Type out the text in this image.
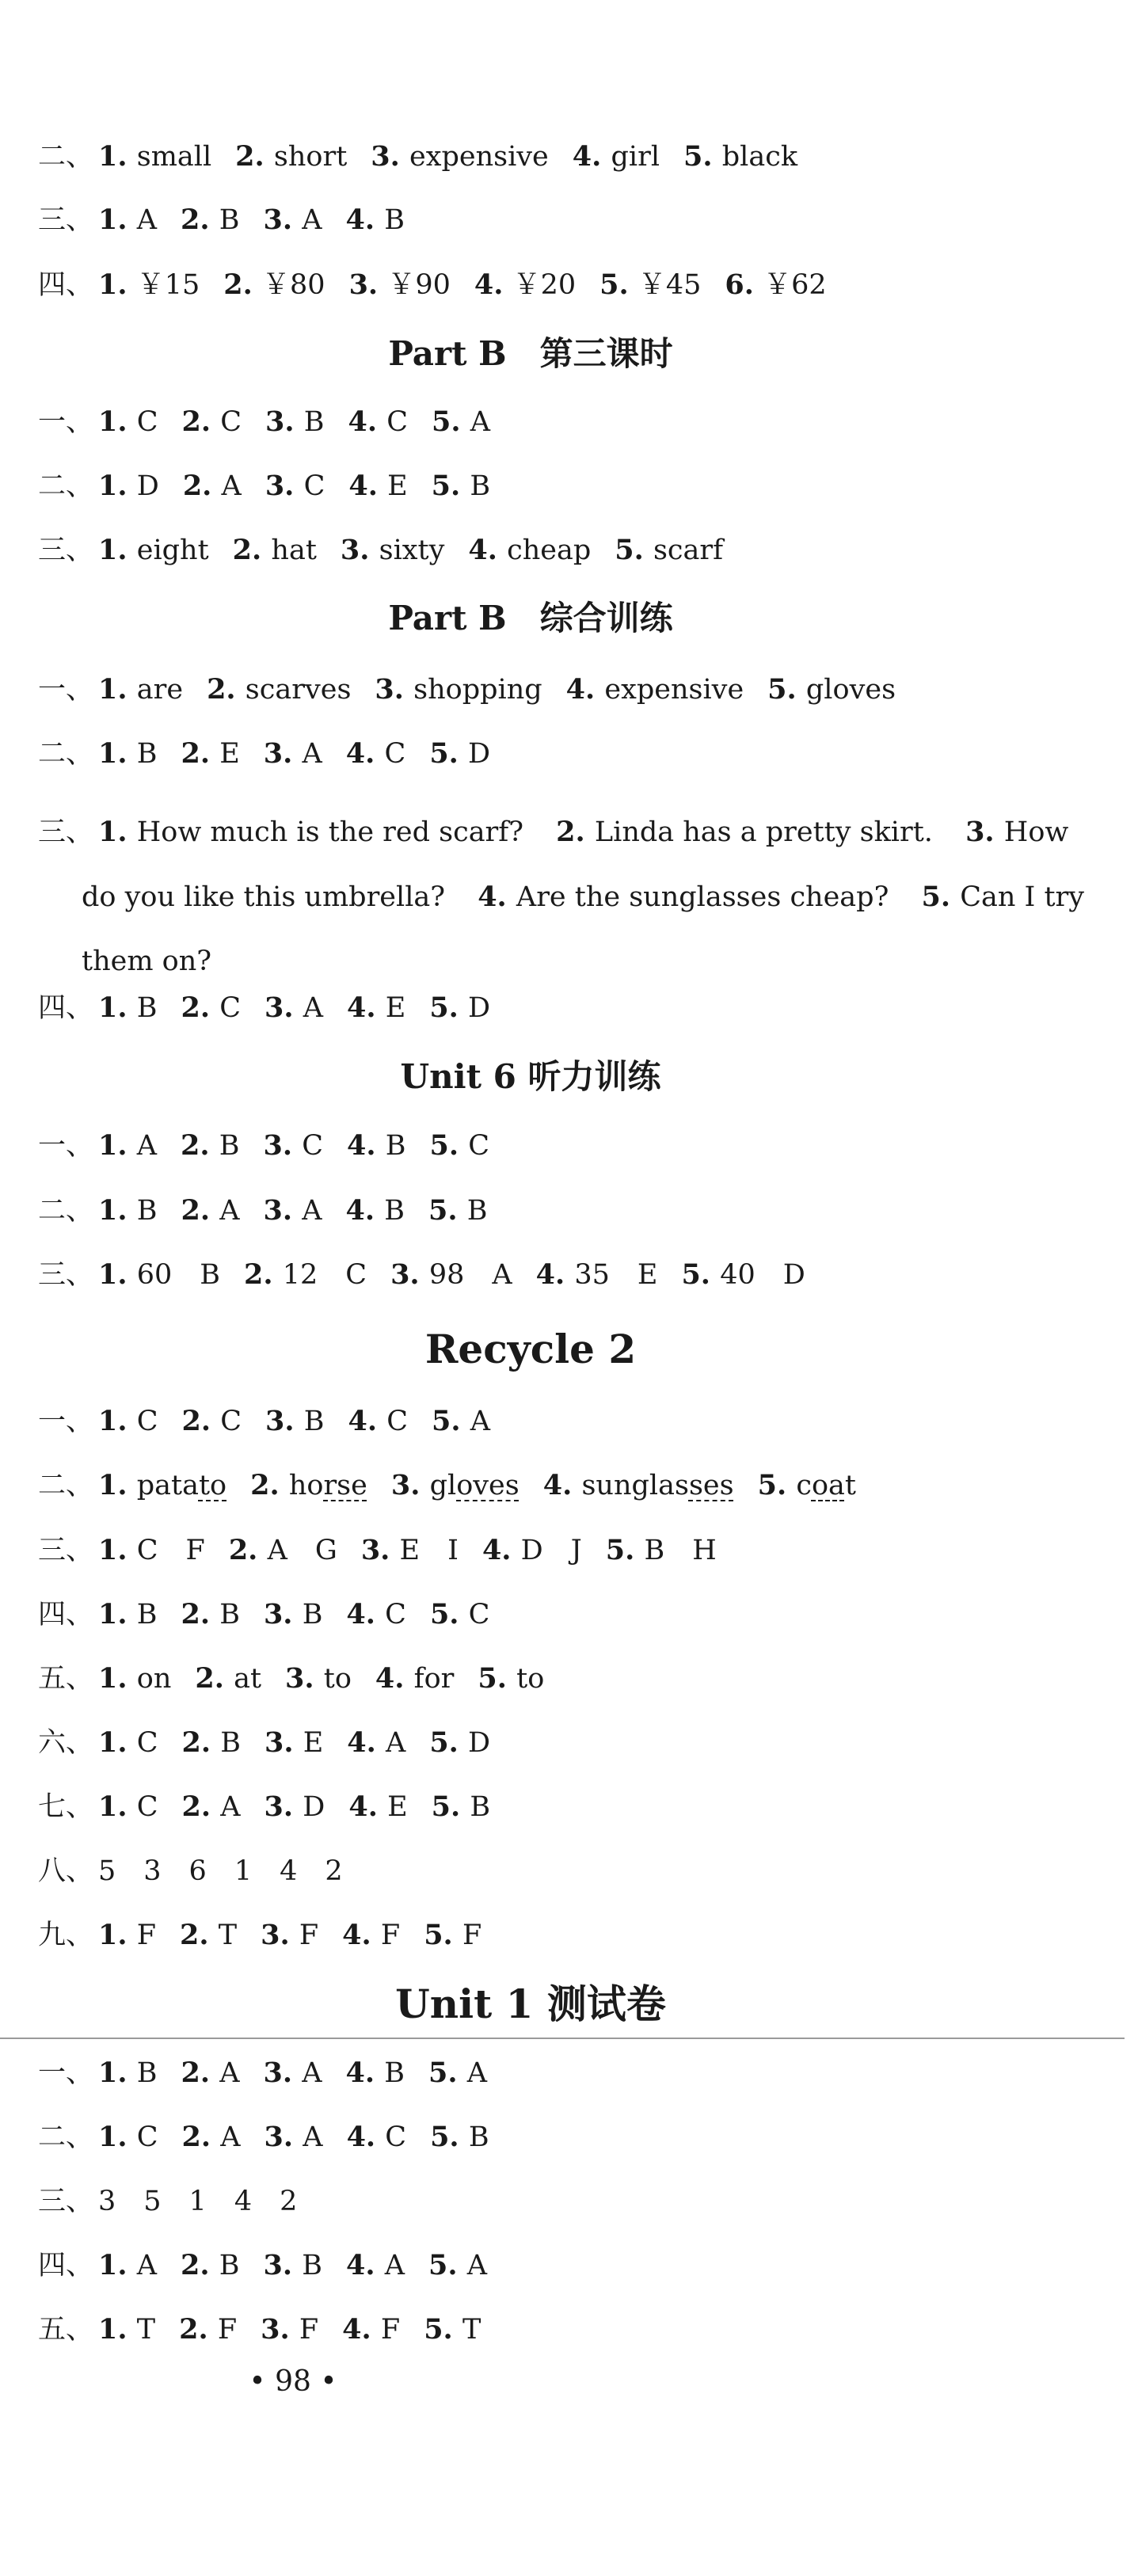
二、 1. small 2. short 3. expensive 4. girl 5. black
三、 1. A 2. B 3. A 4. B
四、 1. ￥15 2. ￥80 3. ￥90 4. ￥20 5. ￥45 6. ￥62
Part B　第三课时
一、 1. C 2. C 3. B 4. C 5. A
二、 1. D 2. A 3. C 4. E 5. B
三、 1. eight 2. hat 3. sixty 4. cheap 5. scarf
Part B　综合训练
一、 1. are 2. scarves 3. shopping 4. expensive 5. gloves
二、 1. B 2. E 3. A 4. C 5. D
三、 1. How much is the red scarf? 2. Linda has a pretty skirt. 3. How do you like this umbrella? 4. Are the sunglasses cheap? 5. Can I try them on?
四、 1. B 2. C 3. A 4. E 5. D
Unit 6 听力训练
一、 1. A 2. B 3. C 4. B 5. C
二、 1. B 2. A 3. A 4. B 5. B
三、 1. 60　B 2. 12　C 3. 98　A 4. 35　E 5. 40　D
Recycle 2
一、 1. C 2. C 3. B 4. C 5. A
二、 1. patato 2. horse 3. gloves 4. sunglasses 5. coat
三、 1. C　F 2. A　G 3. E　I 4. D　J 5. B　H
四、 1. B 2. B 3. B 4. C 5. C
五、 1. on 2. at 3. to 4. for 5. to
六、 1. C 2. B 3. E 4. A 5. D
七、 1. C 2. A 3. D 4. E 5. B
八、 5　3　6　1　4　2
九、 1. F 2. T 3. F 4. F 5. F
Unit 1 测试卷
一、 1. B 2. A 3. A 4. B 5. A
二、 1. C 2. A 3. A 4. C 5. B
三、 3　5　1　4　2
四、 1. A 2. B 3. B 4. A 5. A
五、 1. T 2. F 3. F 4. F 5. T
• 98 •
